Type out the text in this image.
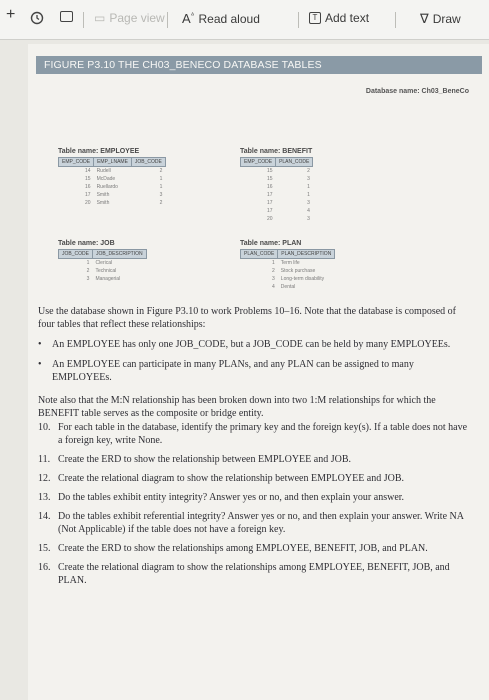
+	▭ Page view $A^ᐞ$ Read aloud	T Add text	∇ Draw
FIGURE P3.10 THE CH03_BENECO DATABASE TABLES
Database name: Ch03_BeneCo
Table name: EMPLOYEE
EMP_CODE	EMP_LNAME	JOB_CODE
14	Rudell	2
15	McDade	1
16	Ruellardo	1
17	Smith	3
20	Smith	2
Table name: BENEFIT
EMP_CODE	PLAN_CODE
15	2
15	3
16	1
17	1
17	3
17	4
20	3
Table name: JOB
JOB_CODE	JOB_DESCRIPTION
1	Clerical
2	Technical
3	Managerial
Table name: PLAN
PLAN_CODE	PLAN_DESCRIPTION
1	Term life
2	Stock purchase
3	Long-term disability
4	Dental

Use the database shown in Figure P3.10 to work Problems 10–16. Note that the database is composed of four tables that reflect these relationships:

• An EMPLOYEE has only one JOB_CODE, but a JOB_CODE can be held by many EMPLOYEEs.
• An EMPLOYEE can participate in many PLANs, and any PLAN can be assigned to many EMPLOYEEs.

Note also that the M:N relationship has been broken down into two 1:M relationships for which the BENEFIT table serves as the composite or bridge entity.

10. For each table in the database, identify the primary key and the foreign key(s). If a table does not have a foreign key, write None.
11. Create the ERD to show the relationship between EMPLOYEE and JOB.
12. Create the relational diagram to show the relationship between EMPLOYEE and JOB.
13. Do the tables exhibit entity integrity? Answer yes or no, and then explain your answer.
14. Do the tables exhibit referential integrity? Answer yes or no, and then explain your answer. Write NA (Not Applicable) if the table does not have a foreign key.
15. Create the ERD to show the relationships among EMPLOYEE, BENEFIT, JOB, and PLAN.
16. Create the relational diagram to show the relationships among EMPLOYEE, BENEFIT, JOB, and PLAN.
